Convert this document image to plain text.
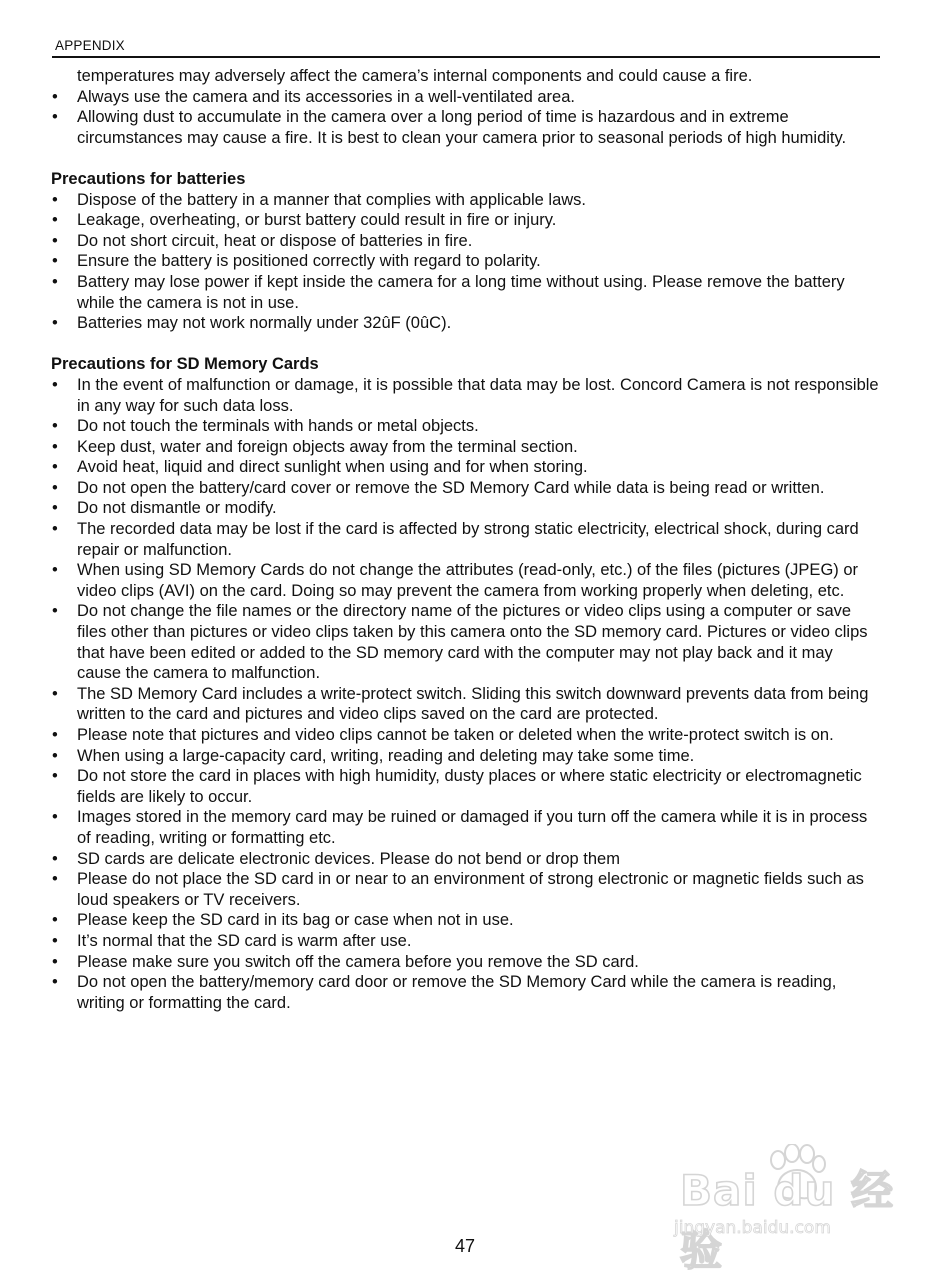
APPENDIX

temperatures may adversely affect the camera’s internal components and could cause a fire.

• Always use the camera and its accessories in a well-ventilated area.
• Allowing dust to accumulate in the camera over a long period of time is hazardous and in extreme circumstances may cause a fire. It is best to clean your camera prior to seasonal periods of high humidity.
Precautions for batteries
• Dispose of the battery in a manner that complies with applicable laws.
• Leakage, overheating, or burst battery could result in fire or injury.
• Do not short circuit, heat or dispose of batteries in fire.
• Ensure the battery is positioned correctly with regard to polarity.
• Battery may lose power if kept inside the camera for a long time without using. Please remove the battery while the camera is not in use.
• Batteries may not work normally under 32ûF (0ûC).
Precautions for SD Memory Cards
• In the event of malfunction or damage, it is possible that data may be lost. Concord Camera is not responsible in any way for such data loss.
• Do not touch the terminals with hands or metal objects.
• Keep dust, water and foreign objects away from the terminal section.
• Avoid heat, liquid and direct sunlight when using and for when storing.
• Do not open the battery/card cover or remove the SD Memory Card while data is being read or written.
• Do not dismantle or modify.
• The recorded data may be lost if the card is affected by strong static electricity, electrical shock, during card repair or malfunction.
• When using SD Memory Cards do not change the attributes (read-only, etc.) of the files (pictures (JPEG) or video clips (AVI) on the card. Doing so may prevent the camera from working properly when deleting, etc.
• Do not change the file names or the directory name of the pictures or video clips using a computer or save files other than pictures or video clips taken by this camera onto the SD memory card. Pictures or video clips that have been edited or added to the SD memory card with the computer may not play back and it may cause the camera to malfunction.
• The SD Memory Card includes a write-protect switch. Sliding this switch downward prevents data from being written to the card and pictures and video clips saved on the card are protected.
• Please note that pictures and video clips cannot be taken or deleted when the write-protect switch is on.
• When using a large-capacity card, writing, reading and deleting may take some time.
• Do not store the card in places with high humidity, dusty places or where static electricity or electromagnetic fields are likely to occur.
• Images stored in the memory card may be ruined or damaged if you turn off the camera while it is in process of reading, writing or formatting etc.
• SD cards are delicate electronic devices. Please do not bend or drop them
• Please do not place the SD card in or near to an environment of strong electronic or magnetic fields such as loud speakers or TV receivers.
• Please keep the SD card in its bag or case when not in use.
• It’s normal that the SD card is warm after use.
• Please make sure you switch off the camera before you remove the SD card.
• Do not open the battery/memory card door or remove the SD Memory Card while the camera is reading, writing or formatting the card.
Bai du 经验
jingyan.baidu.com
47
